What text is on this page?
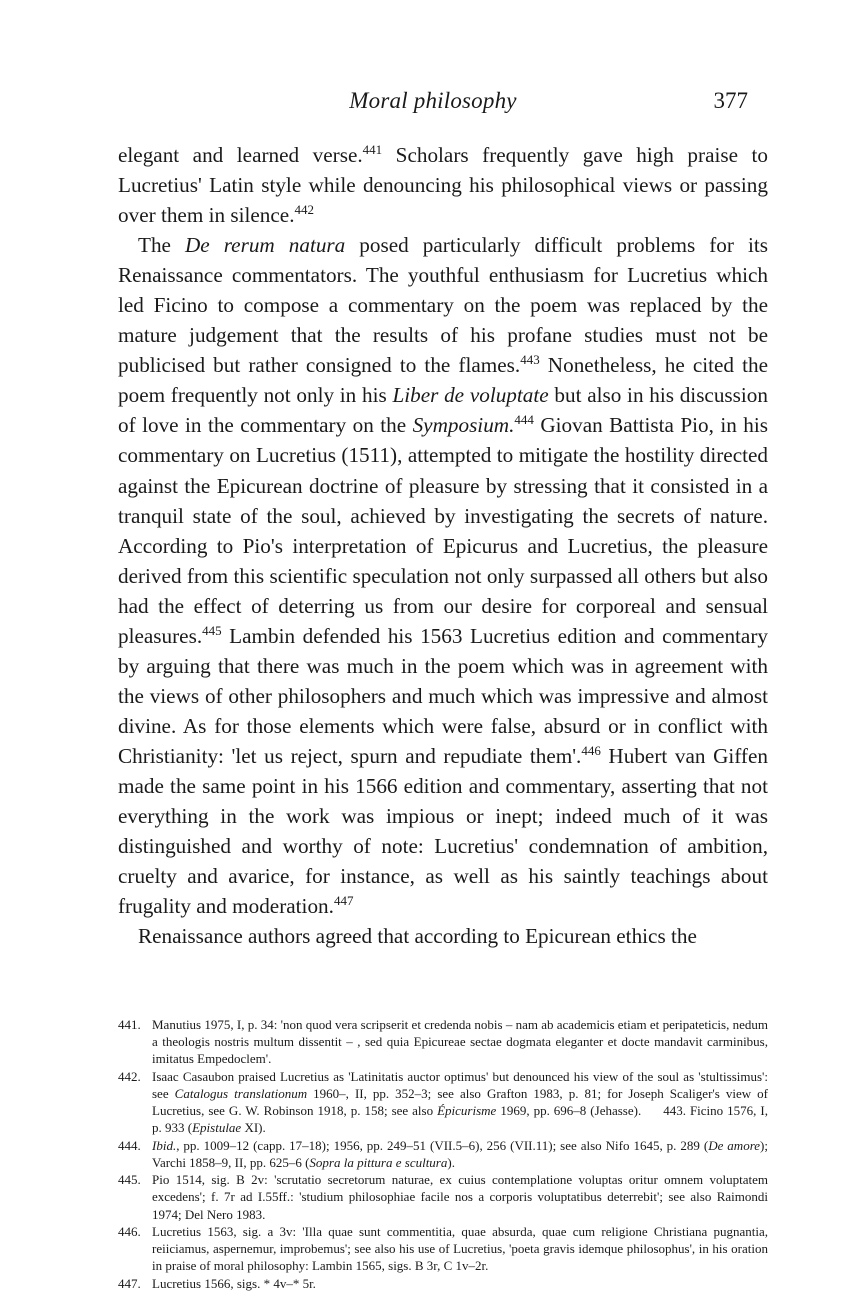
Moral philosophy	377

elegant and learned verse.$^{441}$ Scholars frequently gave high praise to Lucretius' Latin style while denouncing his philosophical views or passing over them in silence.$^{442}$

The De rerum natura posed particularly difficult problems for its Renaissance commentators. The youthful enthusiasm for Lucretius which led Ficino to compose a commentary on the poem was replaced by the mature judgement that the results of his profane studies must not be publicised but rather consigned to the flames.$^{443}$ Nonetheless, he cited the poem frequently not only in his Liber de voluptate but also in his discussion of love in the commentary on the Symposium.$^{444}$ Giovan Battista Pio, in his commentary on Lucretius (1511), attempted to mitigate the hostility directed against the Epicurean doctrine of pleasure by stressing that it consisted in a tranquil state of the soul, achieved by investigating the secrets of nature. According to Pio's interpretation of Epicurus and Lucretius, the pleasure derived from this scientific speculation not only surpassed all others but also had the effect of deterring us from our desire for corporeal and sensual pleasures.$^{445}$ Lambin defended his 1563 Lucretius edition and commentary by arguing that there was much in the poem which was in agreement with the views of other philosophers and much which was impressive and almost divine. As for those elements which were false, absurd or in conflict with Christianity: 'let us reject, spurn and repudiate them'.$^{446}$ Hubert van Giffen made the same point in his 1566 edition and commentary, asserting that not everything in the work was impious or inept; indeed much of it was distinguished and worthy of note: Lucretius' condemnation of ambition, cruelty and avarice, for instance, as well as his saintly teachings about frugality and moderation.$^{447}$

Renaissance authors agreed that according to Epicurean ethics the

441. Manutius 1975, I, p. 34: 'non quod vera scripserit et credenda nobis – nam ab academicis etiam et peripateticis, nedum a theologis nostris multum dissentit – , sed quia Epicureae sectae dogmata eleganter et docte mandavit carminibus, imitatus Empedoclem'.
442. Isaac Casaubon praised Lucretius as 'Latinitatis auctor optimus' but denounced his view of the soul as 'stultissimus': see Catalogus translationum 1960–, II, pp. 352–3; see also Grafton 1983, p. 81; for Joseph Scaliger's view of Lucretius, see G. W. Robinson 1918, p. 158; see also Épicurisme 1969, pp. 696–8 (Jehasse). 443. Ficino 1576, I, p. 933 (Epistulae XI).
444. Ibid., pp. 1009–12 (capp. 17–18); 1956, pp. 249–51 (VII.5–6), 256 (VII.11); see also Nifo 1645, p. 289 (De amore); Varchi 1858–9, II, pp. 625–6 (Sopra la pittura e scultura).
445. Pio 1514, sig. B 2v: 'scrutatio secretorum naturae, ex cuius contemplatione voluptas oritur omnem voluptatem excedens'; f. 7r ad I.55ff.: 'studium philosophiae facile nos a corporis voluptatibus deterrebit'; see also Raimondi 1974; Del Nero 1983.
446. Lucretius 1563, sig. a 3v: 'Illa quae sunt commentitia, quae absurda, quae cum religione Christiana pugnantia, reiiciamus, aspernemur, improbemus'; see also his use of Lucretius, 'poeta gravis idemque philosophus', in his oration in praise of moral philosophy: Lambin 1565, sigs. B 3r, C 1v–2r.
447. Lucretius 1566, sigs. * 4v–* 5r.
